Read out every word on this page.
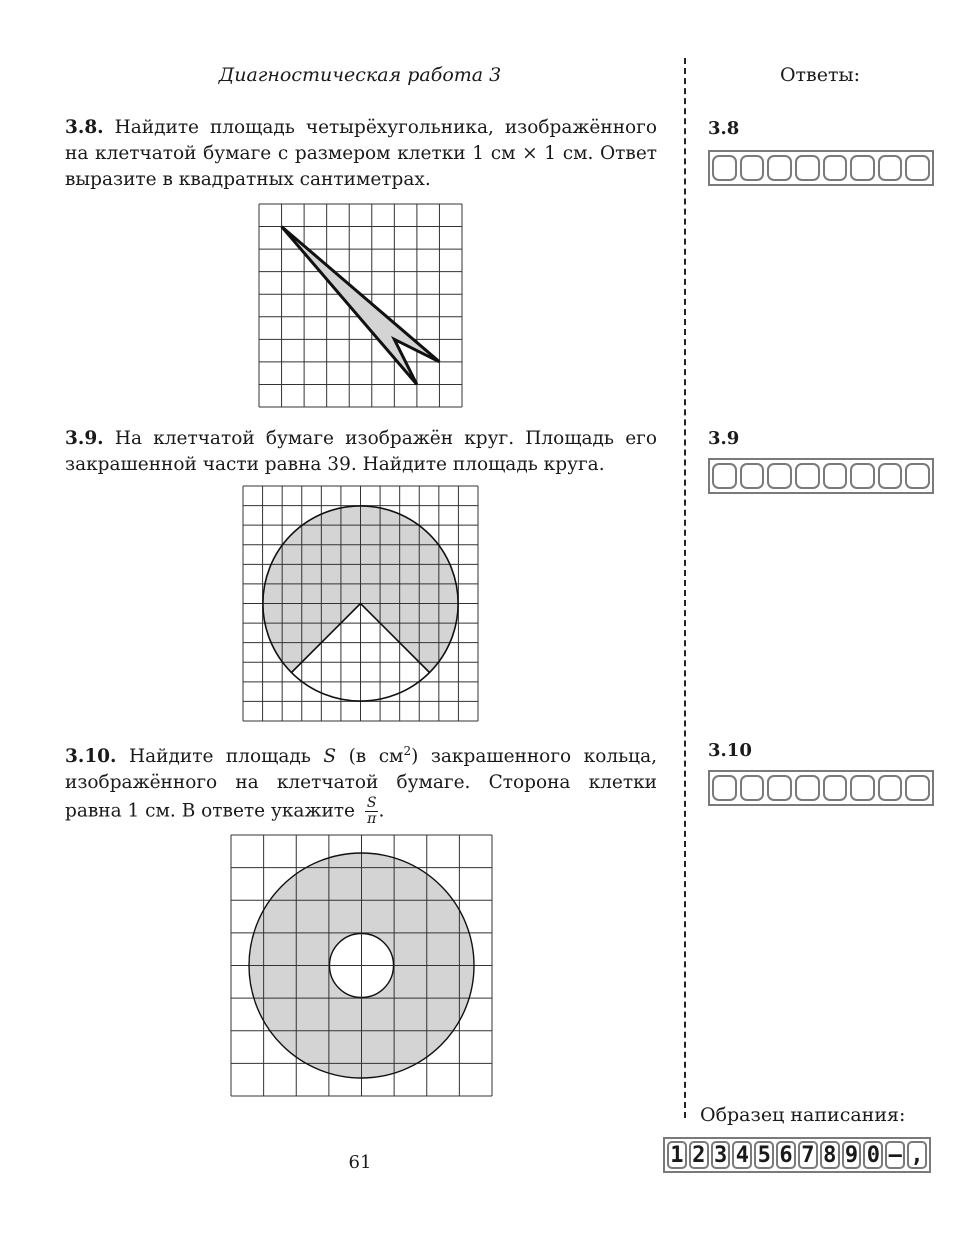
Диагностическая работа 3	Ответы:
3.8. Найдите площадь четырёхугольника, изображённого на клетчатой бумаге с размером клетки 1 см × 1 см. Ответ выразите в квадратных сантиметрах.
3.8
3.9. На клетчатой бумаге изображён круг. Площадь его закрашенной части равна 39. Найдите площадь круга.
3.9
3.10. Найдите площадь S (в $см^2$) закрашенного кольца, изображённого на клетчатой бумаге. Сторона клетки равна 1 см. В ответе укажите $\frac{S}{\pi}$ .
3.10
Образец написания:
1 2 3 4 5 6 7 8 9 0 – ,
61
